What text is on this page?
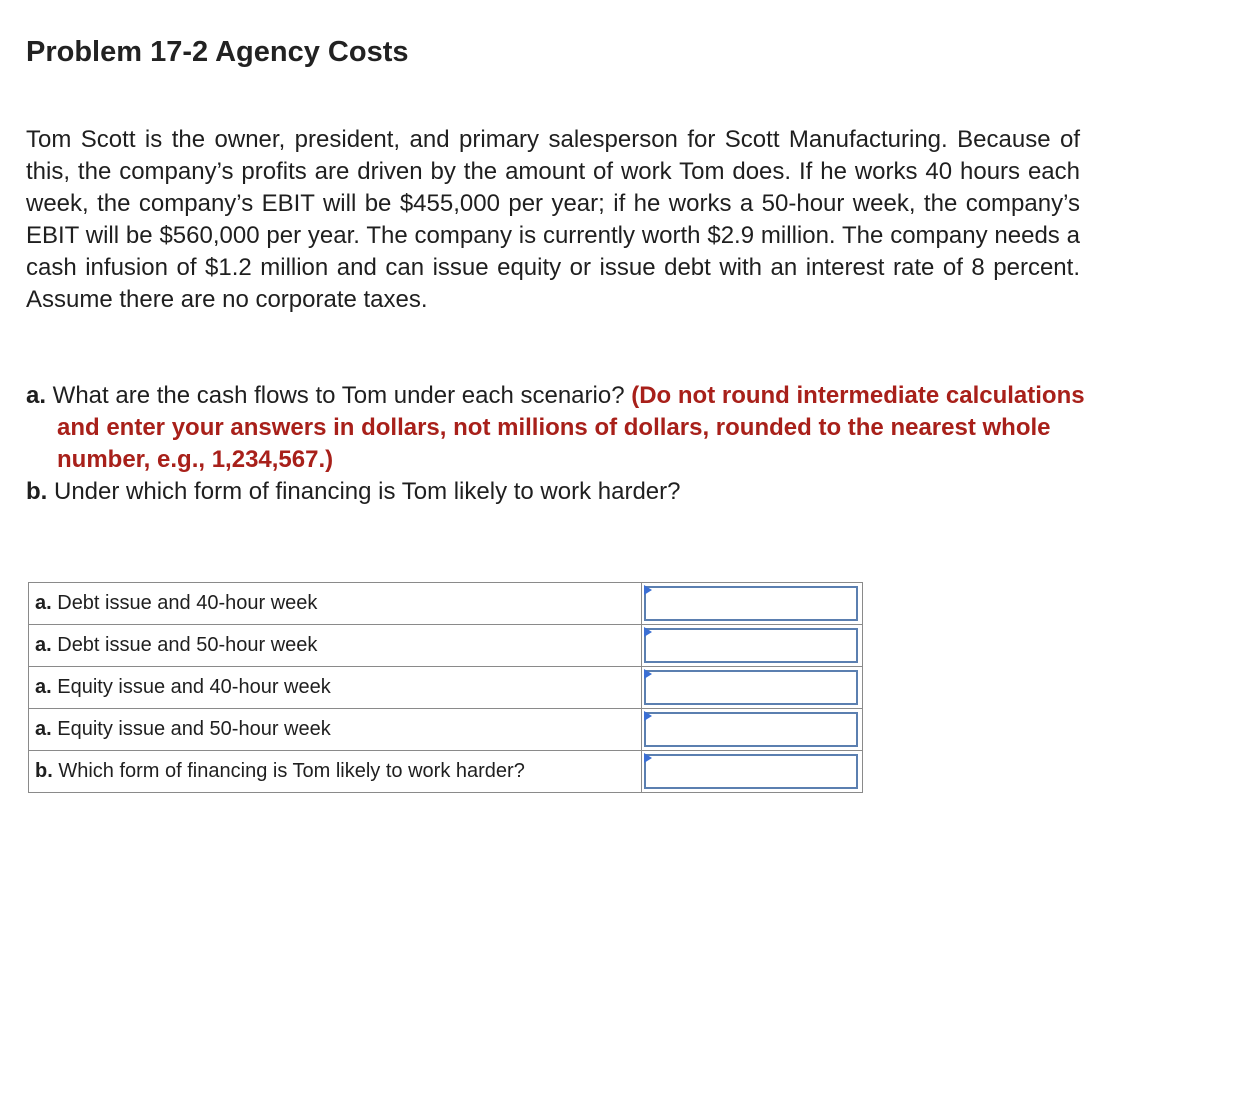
Problem 17-2 Agency Costs

Tom Scott is the owner, president, and primary salesperson for Scott Manufacturing. Because of this, the company’s profits are driven by the amount of work Tom does. If he works 40 hours each week, the company’s EBIT will be $455,000 per year; if he works a 50-hour week, the company’s EBIT will be $560,000 per year. The company is currently worth $2.9 million. The company needs a cash infusion of $1.2 million and can issue equity or issue debt with an interest rate of 8 percent. Assume there are no corporate taxes.

a. What are the cash flows to Tom under each scenario? (Do not round intermediate calculations and enter your answers in dollars, not millions of dollars, rounded to the nearest whole number, e.g., 1,234,567.)
b. Under which form of financing is Tom likely to work harder?
a. Debt issue and 40-hour week	

a. Debt issue and 50-hour week	

a. Equity issue and 40-hour week	

a. Equity issue and 50-hour week	

b. Which form of financing is Tom likely to work harder?	
